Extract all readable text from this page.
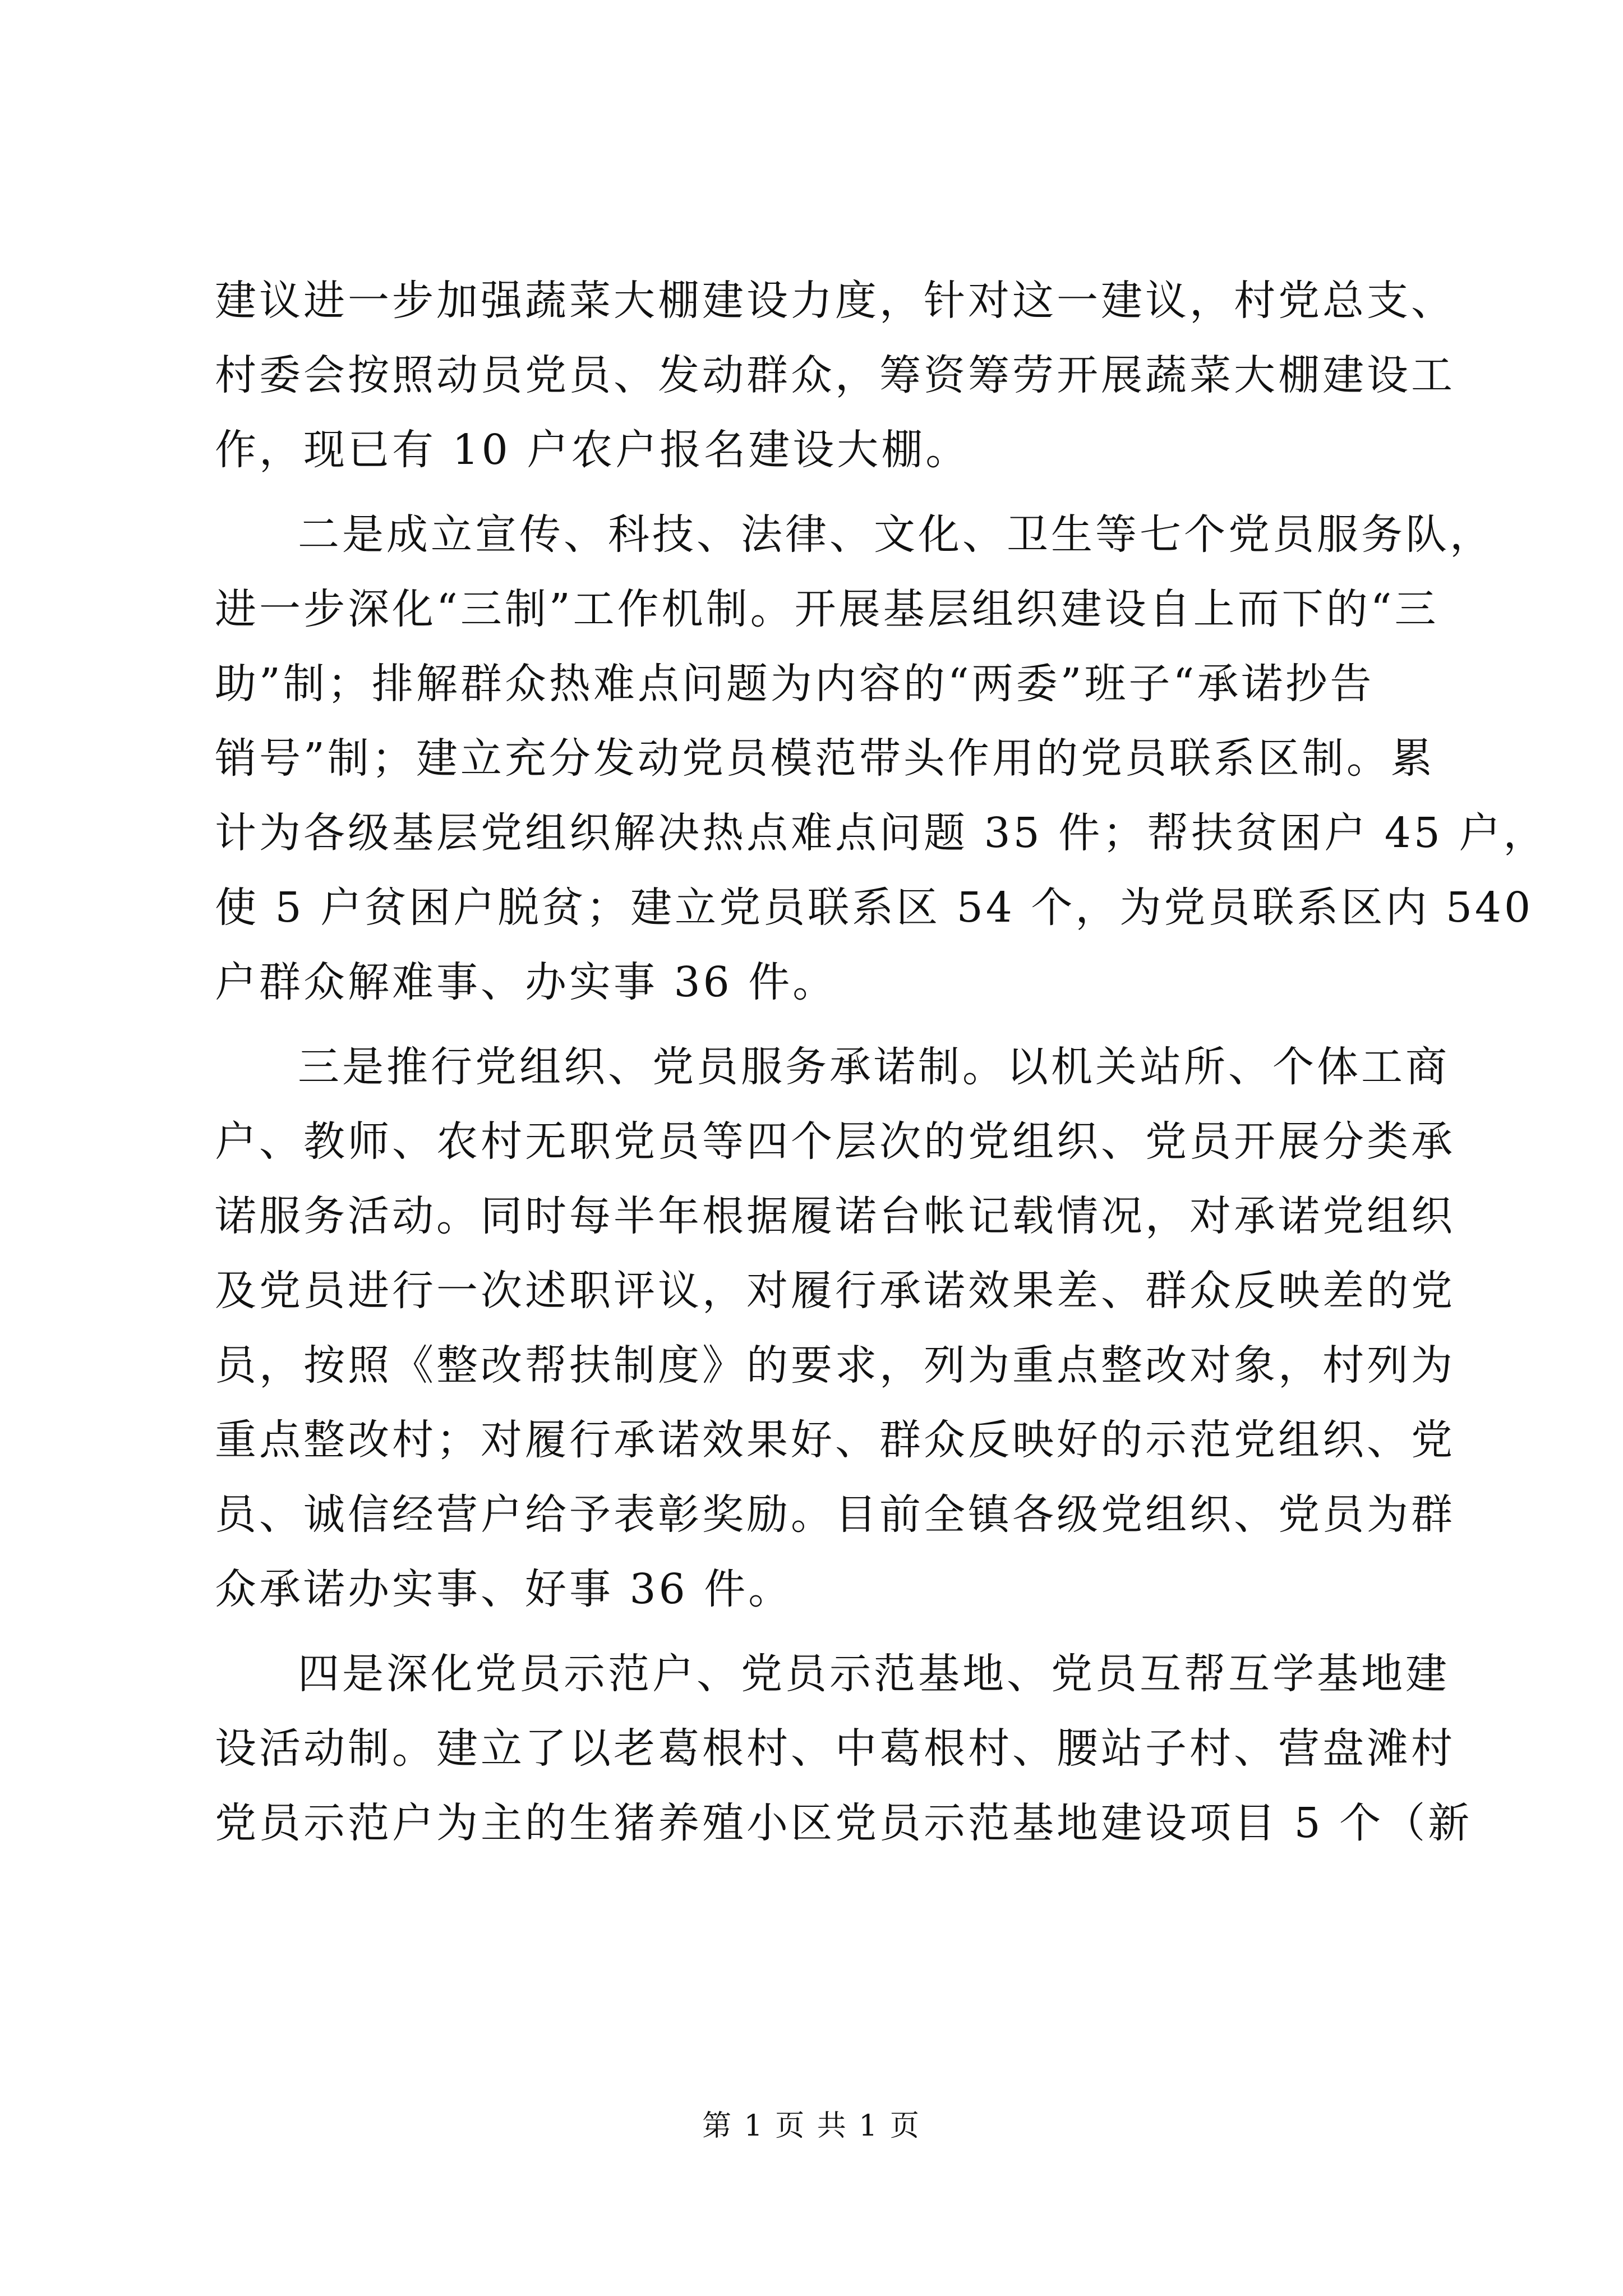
建议进一步加强蔬菜大棚建设力度，针对这一建议，村党总支、
村委会按照动员党员、发动群众，筹资筹劳开展蔬菜大棚建设工
作，现已有 10 户农户报名建设大棚。
二是成立宣传、科技、法律、文化、卫生等七个党员服务队，
进一步深化“三制”工作机制。开展基层组织建设自上而下的“三
助”制；排解群众热难点问题为内容的“两委”班子“承诺抄告
销号”制；建立充分发动党员模范带头作用的党员联系区制。累
计为各级基层党组织解决热点难点问题 35 件；帮扶贫困户 45 户，
使 5 户贫困户脱贫；建立党员联系区 54 个，为党员联系区内 540
户群众解难事、办实事 36 件。
三是推行党组织、党员服务承诺制。以机关站所、个体工商
户、教师、农村无职党员等四个层次的党组织、党员开展分类承
诺服务活动。同时每半年根据履诺台帐记载情况，对承诺党组织
及党员进行一次述职评议，对履行承诺效果差、群众反映差的党
员，按照《整改帮扶制度》的要求，列为重点整改对象，村列为
重点整改村；对履行承诺效果好、群众反映好的示范党组织、党
员、诚信经营户给予表彰奖励。目前全镇各级党组织、党员为群
众承诺办实事、好事 36 件。
四是深化党员示范户、党员示范基地、党员互帮互学基地建
设活动制。建立了以老葛根村、中葛根村、腰站子村、营盘滩村
党员示范户为主的生猪养殖小区党员示范基地建设项目 5 个（新
第 1 页 共 1 页
